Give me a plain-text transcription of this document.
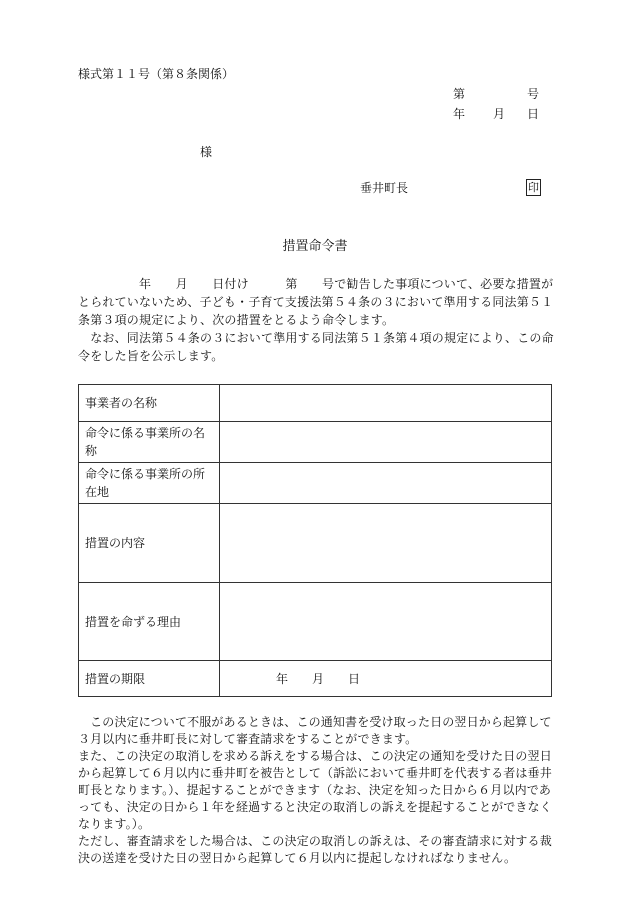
様式第１１号（第８条関係）
第	号
年 月 日
様
垂井町長	印
措置命令書

　　　　　年　　月　　日付け　　　第　　号で勧告した事項について、必要な措置がとられていないため、子ども・子育て支援法第５４条の３において準用する同法第５１条第３項の規定により、次の措置をとるよう命令します。

　なお、同法第５４条の３において準用する同法第５１条第４項の規定により、この命令をした旨を公示します。

事業者の名称	
命令に係る事業所の名称	
命令に係る事業所の所在地	
措置の内容	
措置を命ずる理由	
措置の期限	年　　月　　日

　この決定について不服があるときは、この通知書を受け取った日の翌日から起算して３月以内に垂井町長に対して審査請求をすることができます。

また、この決定の取消しを求める訴えをする場合は、この決定の通知を受けた日の翌日から起算して６月以内に垂井町を被告として（訴訟において垂井町を代表する者は垂井町長となります。）、提起することができます（なお、決定を知った日から６月以内であっても、決定の日から１年を経過すると決定の取消しの訴えを提起することができなくなります。）。

ただし、審査請求をした場合は、この決定の取消しの訴えは、その審査請求に対する裁決の送達を受けた日の翌日から起算して６月以内に提起しなければなりません。
